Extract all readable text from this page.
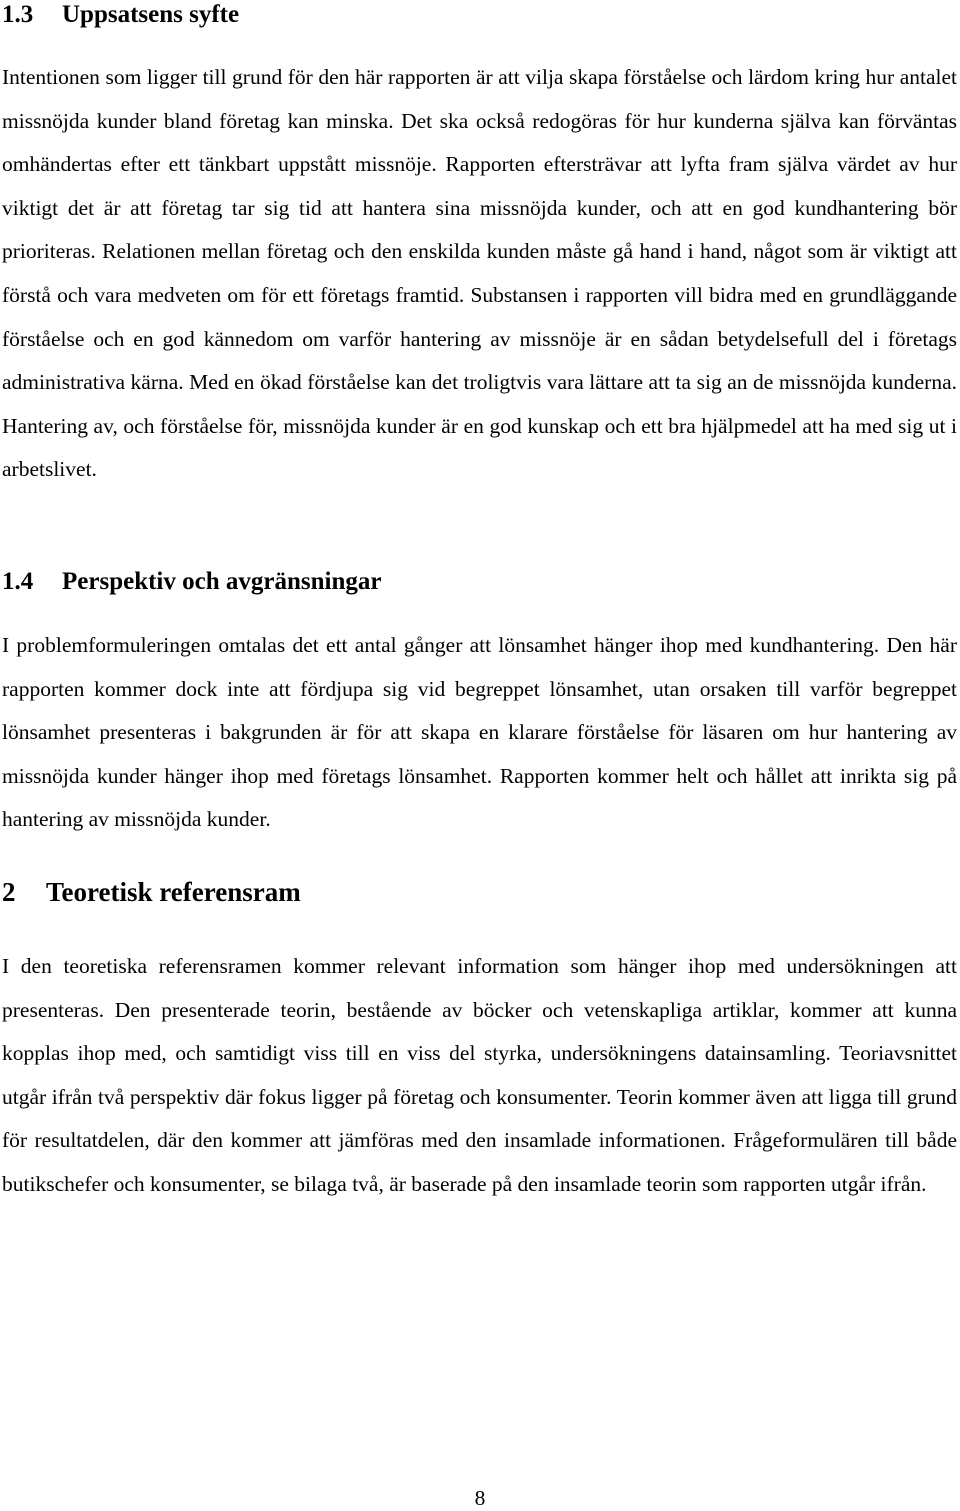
1.3 Uppsatsens syfte

Intentionen som ligger till grund för den här rapporten är att vilja skapa förståelse och lärdom kring hur antalet missnöjda kunder bland företag kan minska. Det ska också redogöras för hur kunderna själva kan förväntas omhändertas efter ett tänkbart uppstått missnöje. Rapporten eftersträvar att lyfta fram själva värdet av hur viktigt det är att företag tar sig tid att hantera sina missnöjda kunder, och att en god kundhantering bör prioriteras. Relationen mellan företag och den enskilda kunden måste gå hand i hand, något som är viktigt att förstå och vara medveten om för ett företags framtid. Substansen i rapporten vill bidra med en grundläggande förståelse och en god kännedom om varför hantering av missnöje är en sådan betydelsefull del i företags administrativa kärna. Med en ökad förståelse kan det troligtvis vara lättare att ta sig an de missnöjda kunderna. Hantering av, och förståelse för, missnöjda kunder är en god kunskap och ett bra hjälpmedel att ha med sig ut i arbetslivet.

1.4 Perspektiv och avgränsningar

I problemformuleringen omtalas det ett antal gånger att lönsamhet hänger ihop med kundhantering. Den här rapporten kommer dock inte att fördjupa sig vid begreppet lönsamhet, utan orsaken till varför begreppet lönsamhet presenteras i bakgrunden är för att skapa en klarare förståelse för läsaren om hur hantering av missnöjda kunder hänger ihop med företags lönsamhet. Rapporten kommer helt och hållet att inrikta sig på hantering av missnöjda kunder.

2 Teoretisk referensram

I den teoretiska referensramen kommer relevant information som hänger ihop med undersökningen att presenteras. Den presenterade teorin, bestående av böcker och vetenskapliga artiklar, kommer att kunna kopplas ihop med, och samtidigt viss till en viss del styrka, undersökningens datainsamling. Teoriavsnittet utgår ifrån två perspektiv där fokus ligger på företag och konsumenter. Teorin kommer även att ligga till grund för resultatdelen, där den kommer att jämföras med den insamlade informationen. Frågeformulären till både butikschefer och konsumenter, se bilaga två, är baserade på den insamlade teorin som rapporten utgår ifrån.

8
